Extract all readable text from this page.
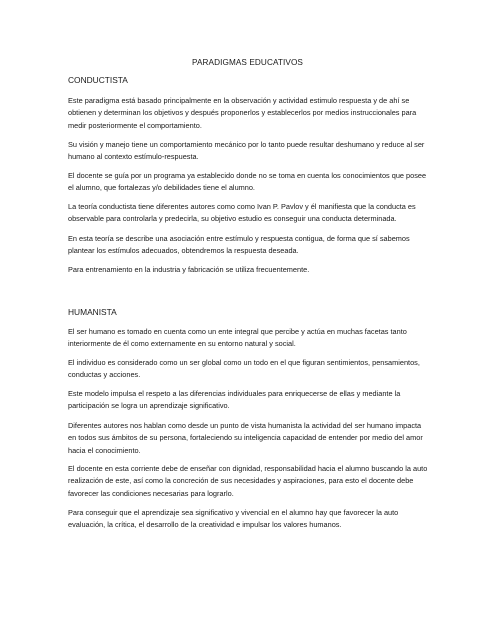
PARADIGMAS EDUCATIVOS
CONDUCTISTA
Este paradigma está basado principalmente en la observación y actividad estimulo respuesta y de ahí se
obtienen y determinan los objetivos y después proponerlos y establecerlos por medios instruccionales para
medir posteriormente el comportamiento.
Su visión y manejo tiene un comportamiento mecánico por lo tanto puede resultar deshumano y reduce al ser
humano al contexto estímulo-respuesta.
El docente se guía por un programa ya establecido donde no se toma en cuenta los conocimientos que posee
el alumno, que fortalezas y/o debilidades tiene el alumno.
La teoría conductista tiene diferentes autores como como Ivan P. Pavlov y él manifiesta que la conducta es
observable para controlarla y predecirla, su objetivo estudio es conseguir una conducta determinada.
En esta teoría se describe una asociación entre estímulo y respuesta contigua, de forma que sí sabemos
plantear los estímulos adecuados, obtendremos la respuesta deseada.
Para entrenamiento en la industria y fabricación se utiliza frecuentemente.
HUMANISTA
El ser humano es tomado en cuenta como un ente integral que percibe y actúa en muchas facetas tanto
interiormente de él como externamente en su entorno natural y social.
El individuo es considerado como un ser global como un todo en el que figuran sentimientos, pensamientos,
conductas y acciones.
Este modelo impulsa el respeto a las diferencias individuales para enriquecerse de ellas y mediante la
participación se logra un aprendizaje significativo.
Diferentes autores nos hablan como desde un punto de vista humanista la actividad del ser humano impacta
en todos sus ámbitos de su persona, fortaleciendo su inteligencia capacidad de entender por medio del amor
hacia el conocimiento.
El docente en esta corriente debe de enseñar con dignidad, responsabilidad hacia el alumno buscando la auto
realización de este, así como la concreción de sus necesidades y aspiraciones, para esto el docente debe
favorecer las condiciones necesarias para lograrlo.
Para conseguir que el aprendizaje sea significativo y vivencial en el alumno hay que favorecer la auto
evaluación, la crítica, el desarrollo de la creatividad e impulsar los valores humanos.
